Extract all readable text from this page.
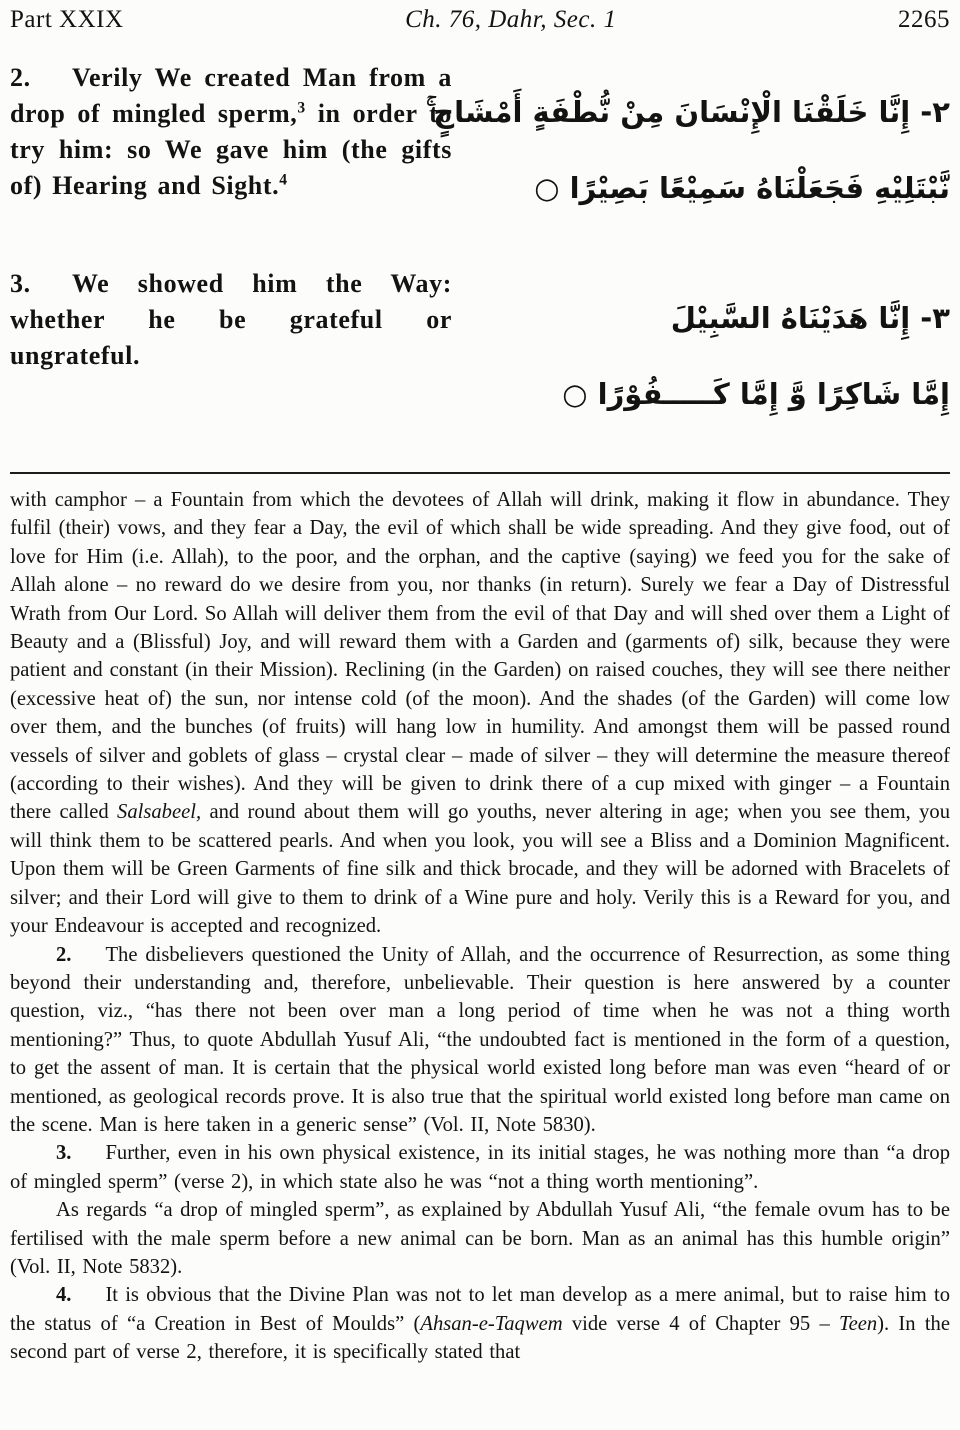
Part XXIX	Ch. 76, Dahr, Sec. 1	2265
2. Verily We created Man from a drop of mingled sperm,$^3$ in order to try him: so We gave him (the gifts of) Hearing and Sight.$^4$
٢- إِنَّا خَلَقْنَا الْإِنْسَانَ مِنْ نُّطْفَةٍ أَمْشَاجٍ ۚ
نَّبْتَلِيْهِ فَجَعَلْنَاهُ سَمِيْعًا بَصِيْرًا ○
3. We showed him the Way: whether he be grateful or ungrateful.
٣- إِنَّا هَدَيْنَاهُ السَّبِيْلَ
إِمَّا شَاكِرًا وَّ إِمَّا كَـــــفُوْرًا ○

with camphor – a Fountain from which the devotees of Allah will drink, making it flow in abundance. They fulfil (their) vows, and they fear a Day, the evil of which shall be wide spreading. And they give food, out of love for Him (i.e. Allah), to the poor, and the orphan, and the captive (saying) we feed you for the sake of Allah alone – no reward do we desire from you, nor thanks (in return). Surely we fear a Day of Distressful Wrath from Our Lord. So Allah will deliver them from the evil of that Day and will shed over them a Light of Beauty and a (Blissful) Joy, and will reward them with a Garden and (garments of) silk, because they were patient and constant (in their Mission). Reclining (in the Garden) on raised couches, they will see there neither (excessive heat of) the sun, nor intense cold (of the moon). And the shades (of the Garden) will come low over them, and the bunches (of fruits) will hang low in humility. And amongst them will be passed round vessels of silver and goblets of glass – crystal clear – made of silver – they will determine the measure thereof (according to their wishes). And they will be given to drink there of a cup mixed with ginger – a Fountain there called Salsabeel, and round about them will go youths, never altering in age; when you see them, you will think them to be scattered pearls. And when you look, you will see a Bliss and a Dominion Magnificent. Upon them will be Green Garments of fine silk and thick brocade, and they will be adorned with Bracelets of silver; and their Lord will give to them to drink of a Wine pure and holy. Verily this is a Reward for you, and your Endeavour is accepted and recognized.

2. The disbelievers questioned the Unity of Allah, and the occurrence of Resurrection, as some thing beyond their understanding and, therefore, unbelievable. Their question is here answered by a counter question, viz., “has there not been over man a long period of time when he was not a thing worth mentioning?” Thus, to quote Abdullah Yusuf Ali, “the undoubted fact is mentioned in the form of a question, to get the assent of man. It is certain that the physical world existed long before man was even “heard of or mentioned, as geological records prove. It is also true that the spiritual world existed long before man came on the scene. Man is here taken in a generic sense” (Vol. II, Note 5830).

3. Further, even in his own physical existence, in its initial stages, he was nothing more than “a drop of mingled sperm” (verse 2), in which state also he was “not a thing worth mentioning”.

As regards “a drop of mingled sperm”, as explained by Abdullah Yusuf Ali, “the female ovum has to be fertilised with the male sperm before a new animal can be born. Man as an animal has this humble origin” (Vol. II, Note 5832).

4. It is obvious that the Divine Plan was not to let man develop as a mere animal, but to raise him to the status of “a Creation in Best of Moulds” (Ahsan-e-Taqwem vide verse 4 of Chapter 95 – Teen). In the second part of verse 2, therefore, it is specifically stated that
